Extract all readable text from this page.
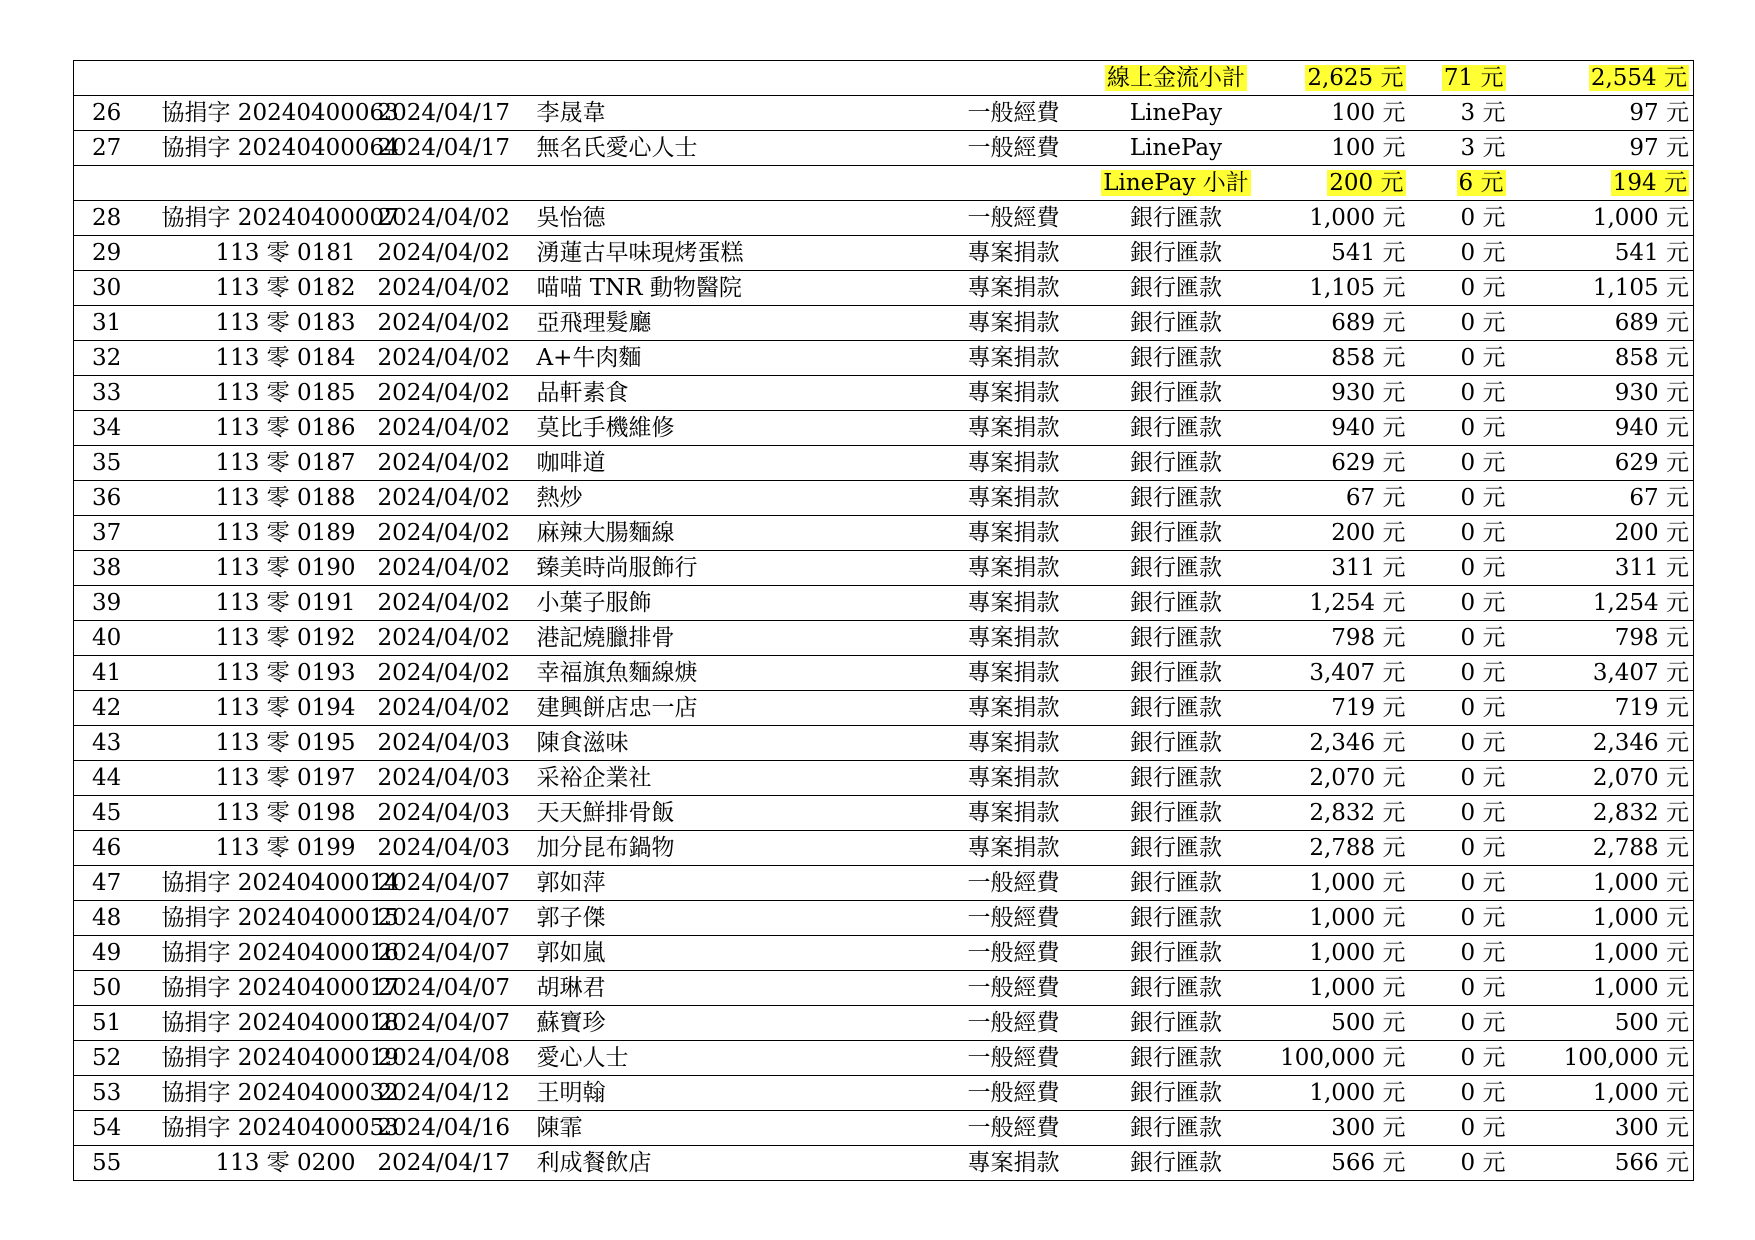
					線上金流小計	2,625 元	71 元	2,554 元
26	協捐字 20240400063	2024/04/17	李晟韋	一般經費	LinePay	100 元	3 元	97 元
27	協捐字 20240400064	2024/04/17	無名氏愛心人士	一般經費	LinePay	100 元	3 元	97 元
					LinePay 小計	200 元	6 元	194 元
28	協捐字 20240400007	2024/04/02	吳怡德	一般經費	銀行匯款	1,000 元	0 元	1,000 元
29	113 零 0181	2024/04/02	湧蓮古早味現烤蛋糕	專案捐款	銀行匯款	541 元	0 元	541 元
30	113 零 0182	2024/04/02	喵喵 TNR 動物醫院	專案捐款	銀行匯款	1,105 元	0 元	1,105 元
31	113 零 0183	2024/04/02	亞飛理髮廳	專案捐款	銀行匯款	689 元	0 元	689 元
32	113 零 0184	2024/04/02	A+牛肉麵	專案捐款	銀行匯款	858 元	0 元	858 元
33	113 零 0185	2024/04/02	品軒素食	專案捐款	銀行匯款	930 元	0 元	930 元
34	113 零 0186	2024/04/02	莫比手機維修	專案捐款	銀行匯款	940 元	0 元	940 元
35	113 零 0187	2024/04/02	咖啡道	專案捐款	銀行匯款	629 元	0 元	629 元
36	113 零 0188	2024/04/02	熱炒	專案捐款	銀行匯款	67 元	0 元	67 元
37	113 零 0189	2024/04/02	麻辣大腸麵線	專案捐款	銀行匯款	200 元	0 元	200 元
38	113 零 0190	2024/04/02	臻美時尚服飾行	專案捐款	銀行匯款	311 元	0 元	311 元
39	113 零 0191	2024/04/02	小葉子服飾	專案捐款	銀行匯款	1,254 元	0 元	1,254 元
40	113 零 0192	2024/04/02	港記燒臘排骨	專案捐款	銀行匯款	798 元	0 元	798 元
41	113 零 0193	2024/04/02	幸福旗魚麵線焿	專案捐款	銀行匯款	3,407 元	0 元	3,407 元
42	113 零 0194	2024/04/02	建興餅店忠一店	專案捐款	銀行匯款	719 元	0 元	719 元
43	113 零 0195	2024/04/03	陳食滋味	專案捐款	銀行匯款	2,346 元	0 元	2,346 元
44	113 零 0197	2024/04/03	采裕企業社	專案捐款	銀行匯款	2,070 元	0 元	2,070 元
45	113 零 0198	2024/04/03	天天鮮排骨飯	專案捐款	銀行匯款	2,832 元	0 元	2,832 元
46	113 零 0199	2024/04/03	加分昆布鍋物	專案捐款	銀行匯款	2,788 元	0 元	2,788 元
47	協捐字 20240400014	2024/04/07	郭如萍	一般經費	銀行匯款	1,000 元	0 元	1,000 元
48	協捐字 20240400015	2024/04/07	郭子傑	一般經費	銀行匯款	1,000 元	0 元	1,000 元
49	協捐字 20240400016	2024/04/07	郭如嵐	一般經費	銀行匯款	1,000 元	0 元	1,000 元
50	協捐字 20240400017	2024/04/07	胡琳君	一般經費	銀行匯款	1,000 元	0 元	1,000 元
51	協捐字 20240400018	2024/04/07	蘇寶珍	一般經費	銀行匯款	500 元	0 元	500 元
52	協捐字 20240400019	2024/04/08	愛心人士	一般經費	銀行匯款	100,000 元	0 元	100,000 元
53	協捐字 20240400032	2024/04/12	王明翰	一般經費	銀行匯款	1,000 元	0 元	1,000 元
54	協捐字 20240400053	2024/04/16	陳霏	一般經費	銀行匯款	300 元	0 元	300 元
55	113 零 0200	2024/04/17	利成餐飲店	專案捐款	銀行匯款	566 元	0 元	566 元
